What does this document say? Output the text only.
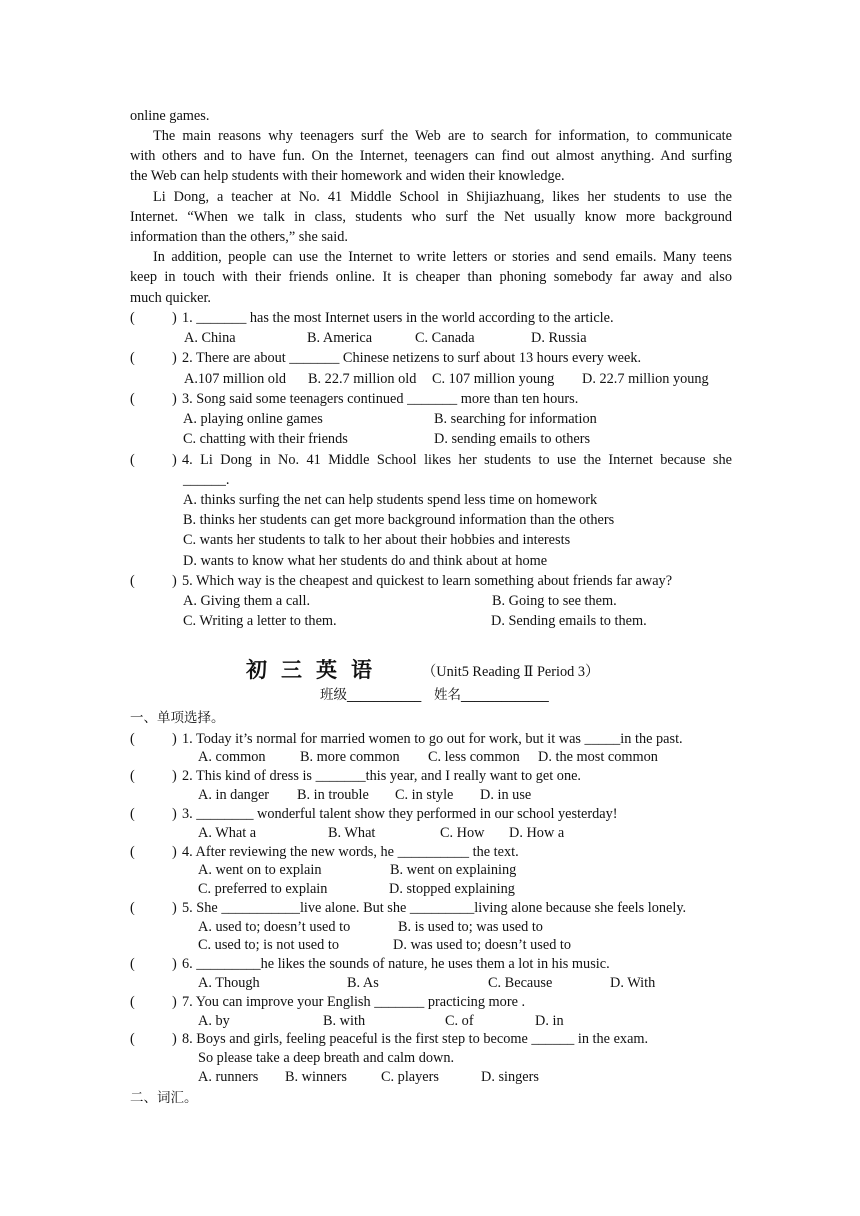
online games.
The main reasons why teenagers surf the Web are to search for information, to communicate
with others and to have fun. On the Internet, teenagers can find out almost anything. And surfing
the Web can help students with their homework and widen their knowledge.
Li Dong, a teacher at No. 41 Middle School in Shijiazhuang, likes her students to use the
Internet. “When we talk in class, students who surf the Net usually know more background
information than the others,” she said.
In addition, people can use the Internet to write letters or stories and send emails. Many teens
keep in touch with their friends online. It is cheaper than phoning somebody far away and also
much quicker.
(	) 1. _______ has the most Internet users in the world according to the article.
A. China	B. America	C. Canada	D. Russia
(	) 2. There are about _______ Chinese netizens to surf about 13 hours every week.
A.107 million old B. 22.7 million old C. 107 million young D. 22.7 million young
(	) 3. Song said some teenagers continued _______ more than ten hours.
A. playing online games	B. searching for information
C. chatting with their friends	D. sending emails to others
(	) 4. Li Dong in No. 41 Middle School likes her students to use the Internet because she
______.
A. thinks surfing the net can help students spend less time on homework
B. thinks her students can get more background information than the others
C. wants her students to talk to her about their hobbies and interests
D. wants to know what her students do and think about at home
(	) 5. Which way is the cheapest and quickest to learn something about friends far away?
A. Giving them a call.	B. Going to see them.
C. Writing a letter to them.	D. Sending emails to them.
初三英语	（Unit5 Reading Ⅱ Period 3）
班级___________ 姓名_____________
一、单项选择。
(	) 1. Today it’s normal for married women to go out for work, but it was _____in the past.
A. common B. more common C. less common D. the most common
(	) 2. This kind of dress is _______this year, and I really want to get one.
A. in danger B. in trouble C. in style D. in use
(	) 3. ________ wonderful talent show they performed in our school yesterday!
A. What a	B. What	C. How D. How a
(	) 4. After reviewing the new words, he __________ the text.
A. went on to explain	B. went on explaining
C. preferred to explain	D. stopped explaining
(	) 5. She ___________live alone. But she _________living alone because she feels lonely.
A. used to; doesn’t used to	B. is used to; was used to
C. used to; is not used to	D. was used to; doesn’t used to
(	) 6. _________he likes the sounds of nature, he uses them a lot in his music.
A. Though	B. As	C. Because	D. With
(	) 7. You can improve your English _______ practicing more .
A. by	B. with	C. of	D. in
(	) 8. Boys and girls, feeling peaceful is the first step to become ______ in the exam.
So please take a deep breath and calm down.
A. runners B. winners C. players	D. singers
二、词汇。
